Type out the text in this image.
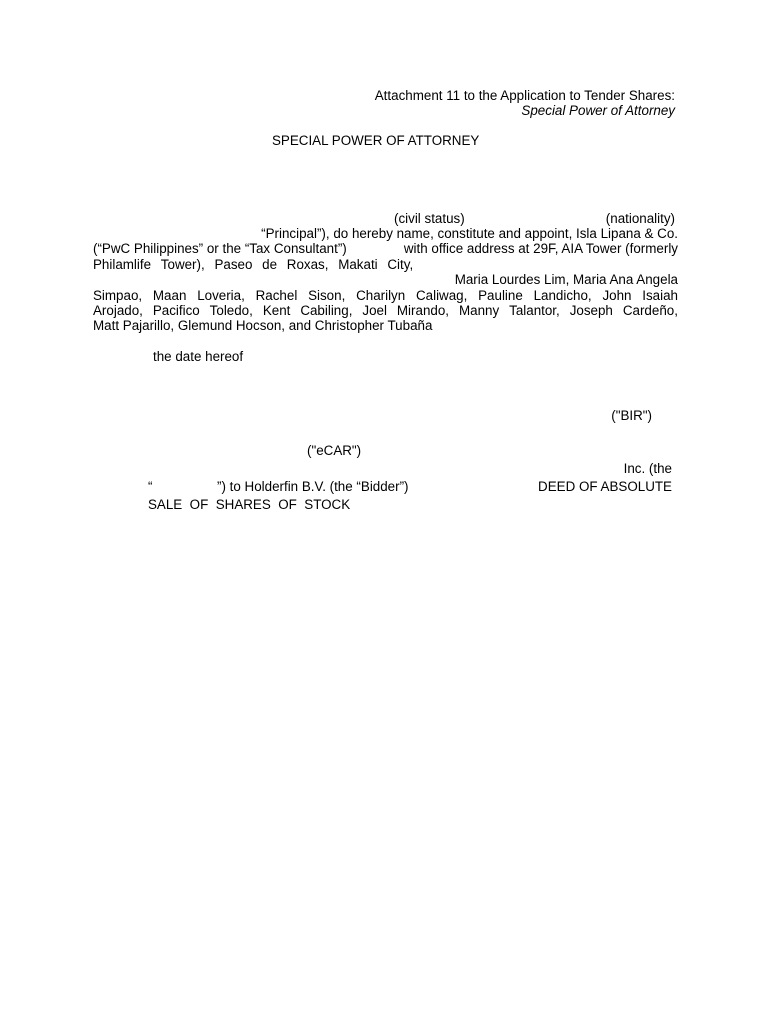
Attachment 11 to the Application to Tender Shares:
Special Power of Attorney
SPECIAL POWER OF ATTORNEY
(civil status)	(nationality)
“Principal”), do hereby name, constitute and appoint, Isla Lipana & Co.
(“PwC Philippines” or the “Tax Consultant”)	with office address at 29F, AIA Tower (formerly
Philamlife Tower), Paseo de Roxas, Makati City,
Maria Lourdes Lim, Maria Ana Angela
Simpao, Maan Loveria, Rachel Sison, Charilyn Caliwag, Pauline Landicho, John Isaiah
Arojado, Pacifico Toledo, Kent Cabiling, Joel Mirando, Manny Talantor, Joseph Cardeño,
Matt Pajarillo, Glemund Hocson, and Christopher Tubaña
the date hereof
("BIR")
("eCAR")
Inc. (the
“	”) to Holderfin B.V. (the “Bidder”)	DEED OF ABSOLUTE
SALE  OF  SHARES  OF  STOCK
